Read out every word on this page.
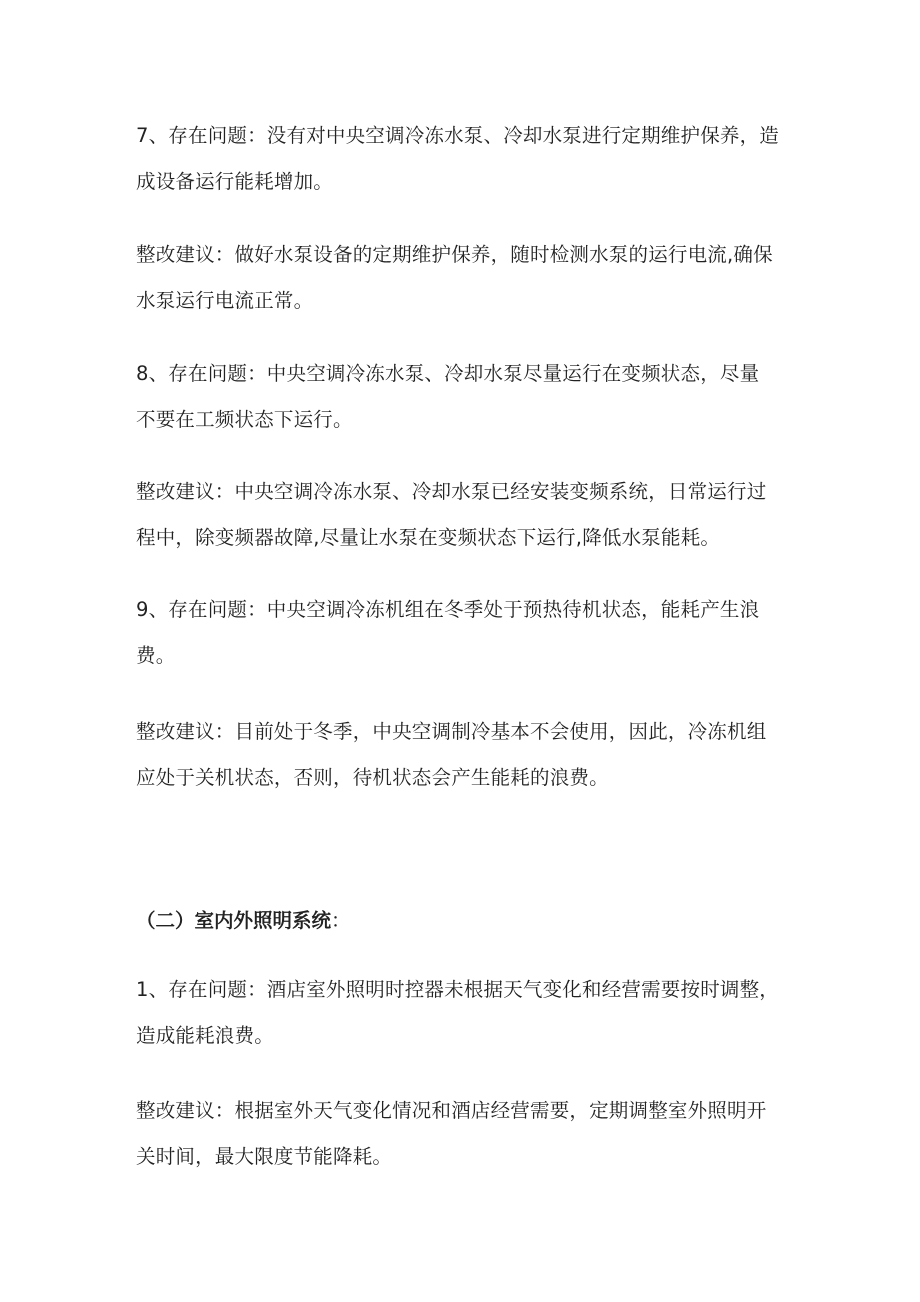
7、存在问题：没有对中央空调冷冻水泵、冷却水泵进行定期维护保养，造
成设备运行能耗增加。
整改建议：做好水泵设备的定期维护保养，随时检测水泵的运行电流,确保
水泵运行电流正常。
8、存在问题：中央空调冷冻水泵、冷却水泵尽量运行在变频状态，尽量
不要在工频状态下运行。
整改建议：中央空调冷冻水泵、冷却水泵已经安装变频系统，日常运行过
程中，除变频器故障,尽量让水泵在变频状态下运行,降低水泵能耗。
9、存在问题：中央空调冷冻机组在冬季处于预热待机状态，能耗产生浪
费。
整改建议：目前处于冬季，中央空调制冷基本不会使用，因此，冷冻机组
应处于关机状态，否则，待机状态会产生能耗的浪费。
（二）室内外照明系统：
1、存在问题：酒店室外照明时控器未根据天气变化和经营需要按时调整，
造成能耗浪费。
整改建议：根据室外天气变化情况和酒店经营需要，定期调整室外照明开
关时间，最大限度节能降耗。
